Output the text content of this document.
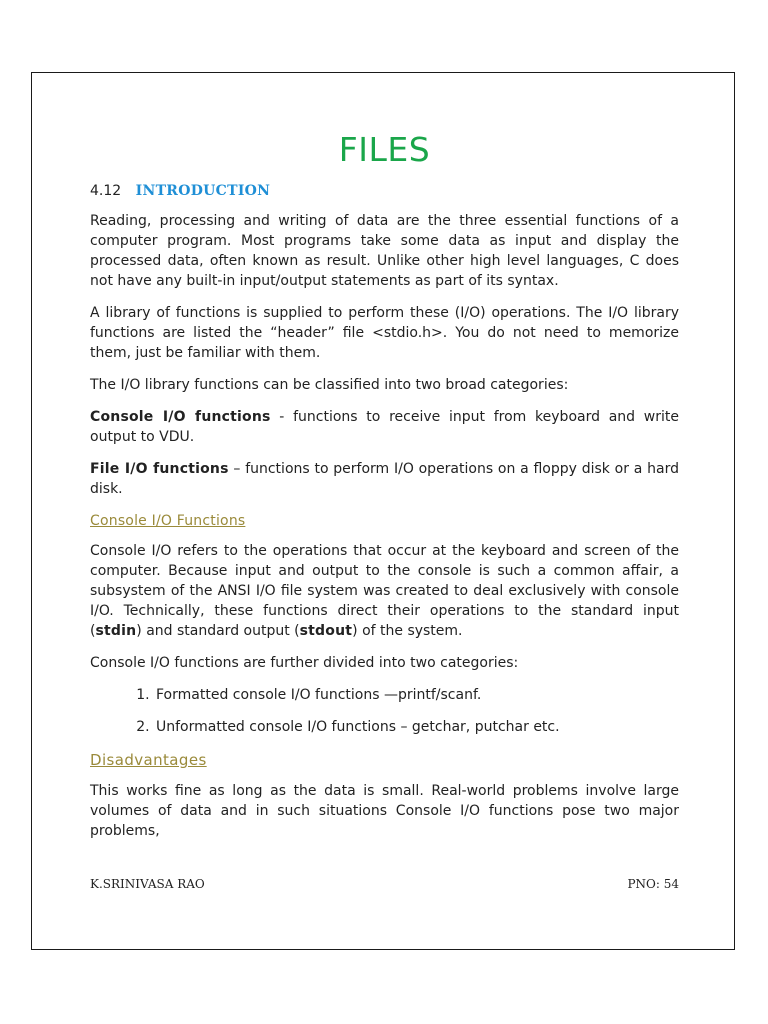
FILES
4.12 INTRODUCTION

Reading, processing and writing of data are the three essential functions of a computer program. Most programs take some data as input and display the processed data, often known as result. Unlike other high level languages, C does not have any built-in input/output statements as part of its syntax.

A library of functions is supplied to perform these (I/O) operations. The I/O library functions are listed the “header” file <stdio.h>. You do not need to memorize them, just be familiar with them.

The I/O library functions can be classified into two broad categories:

Console I/O functions - functions to receive input from keyboard and write output to VDU.

File I/O functions – functions to perform I/O operations on a floppy disk or a hard disk.

Console I/O Functions

Console I/O refers to the operations that occur at the keyboard and screen of the computer. Because input and output to the console is such a common affair, a subsystem of the ANSI I/O file system was created to deal exclusively with console I/O. Technically, these functions direct their operations to the standard input (stdin) and standard output (stdout) of the system.

Console I/O functions are further divided into two categories:

1. Formatted console I/O functions —printf/scanf.
2. Unformatted console I/O functions – getchar, putchar etc.
Disadvantages

This works fine as long as the data is small. Real-world problems involve large volumes of data and in such situations Console I/O functions pose two major problems,

K.SRINIVASA RAO	PNO: 54
